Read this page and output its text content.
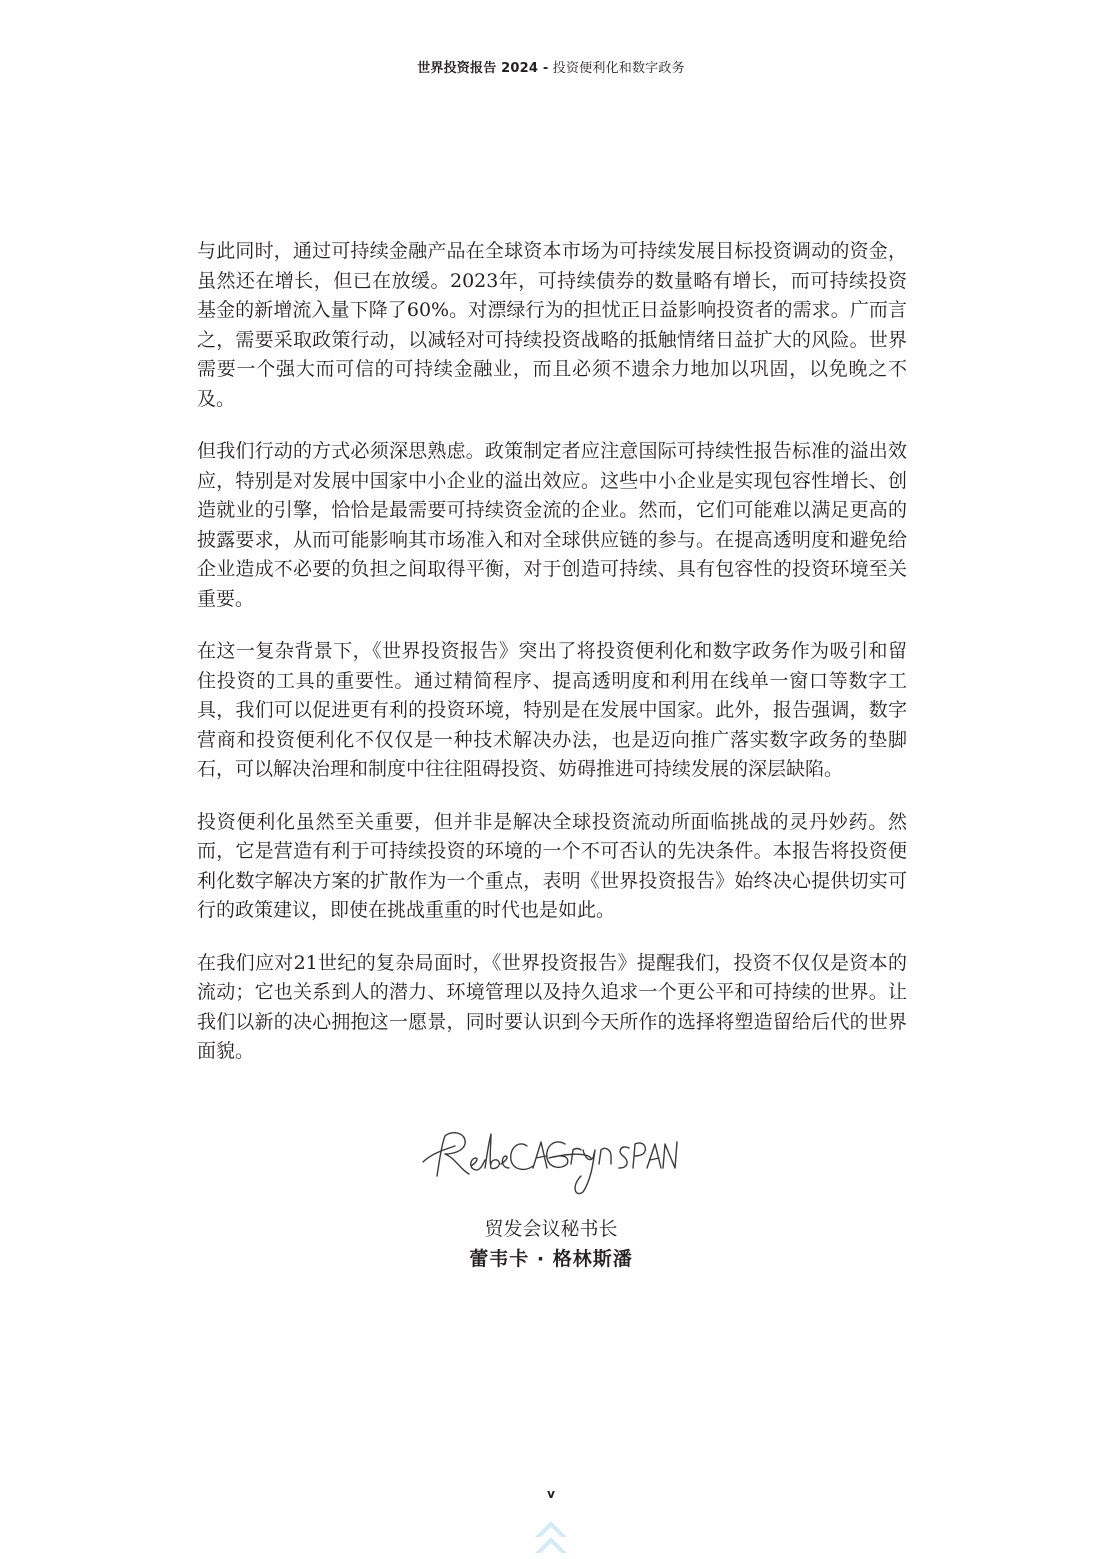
世界投资报告 2024 - 投资便利化和数字政务

与此同时，通过可持续金融产品在全球资本市场为可持续发展目标投资调动的资金，虽然还在增长，但已在放缓。2023年，可持续债券的数量略有增长，而可持续投资基金的新增流入量下降了60%。对漂绿行为的担忧正日益影响投资者的需求。广而言之，需要采取政策行动，以减轻对可持续投资战略的抵触情绪日益扩大的风险。世界需要一个强大而可信的可持续金融业，而且必须不遗余力地加以巩固，以免晚之不及。

但我们行动的方式必须深思熟虑。政策制定者应注意国际可持续性报告标准的溢出效应，特别是对发展中国家中小企业的溢出效应。这些中小企业是实现包容性增长、创造就业的引擎，恰恰是最需要可持续资金流的企业。然而，它们可能难以满足更高的披露要求，从而可能影响其市场准入和对全球供应链的参与。在提高透明度和避免给企业造成不必要的负担之间取得平衡，对于创造可持续、具有包容性的投资环境至关重要。

在这一复杂背景下，《世界投资报告》突出了将投资便利化和数字政务作为吸引和留住投资的工具的重要性。通过精简程序、提高透明度和利用在线单一窗口等数字工具，我们可以促进更有利的投资环境，特别是在发展中国家。此外，报告强调，数字营商和投资便利化不仅仅是一种技术解决办法，也是迈向推广落实数字政务的垫脚石，可以解决治理和制度中往往阻碍投资、妨碍推进可持续发展的深层缺陷。

投资便利化虽然至关重要，但并非是解决全球投资流动所面临挑战的灵丹妙药。然而，它是营造有利于可持续投资的环境的一个不可否认的先决条件。本报告将投资便利化数字解决方案的扩散作为一个重点，表明《世界投资报告》始终决心提供切实可行的政策建议，即使在挑战重重的时代也是如此。

在我们应对21世纪的复杂局面时，《世界投资报告》提醒我们，投资不仅仅是资本的流动；它也关系到人的潜力、环境管理以及持久追求一个更公平和可持续的世界。让我们以新的决心拥抱这一愿景，同时要认识到今天所作的选择将塑造留给后代的世界面貌。

贸发会议秘书长
蕾韦卡 · 格林斯潘
v
